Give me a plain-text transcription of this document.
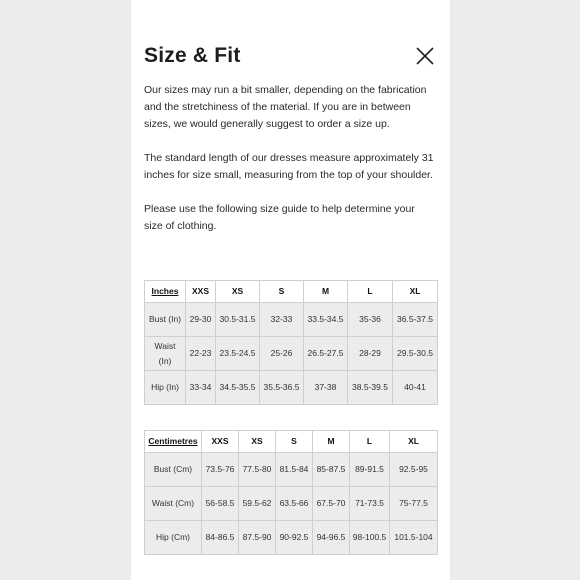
Size & Fit
Our sizes may run a bit smaller, depending on the fabrication and the stretchiness of the material. If you are in between sizes, we would generally suggest to order a size up.
The standard length of our dresses measure approximately 31 inches for size small, measuring from the top of your shoulder.
Please use the following size guide to help determine your size of clothing.
Inches	XXS	XS	S	M	L	XL
Bust (In)	29-30	30.5-31.5	32-33	33.5-34.5	35-36	36.5-37.5
Waist (In)	22-23	23.5-24.5	25-26	26.5-27.5	28-29	29.5-30.5
Hip (In)	33-34	34.5-35.5	35.5-36.5	37-38	38.5-39.5	40-41
Centimetres	XXS	XS	S	M	L	XL
Bust (Cm)	73.5-76	77.5-80	81.5-84	85-87.5	89-91.5	92.5-95
Waist (Cm)	56-58.5	59.5-62	63.5-66	67.5-70	71-73.5	75-77.5
Hip (Cm)	84-86.5	87.5-90	90-92.5	94-96.5	98-100.5	101.5-104
